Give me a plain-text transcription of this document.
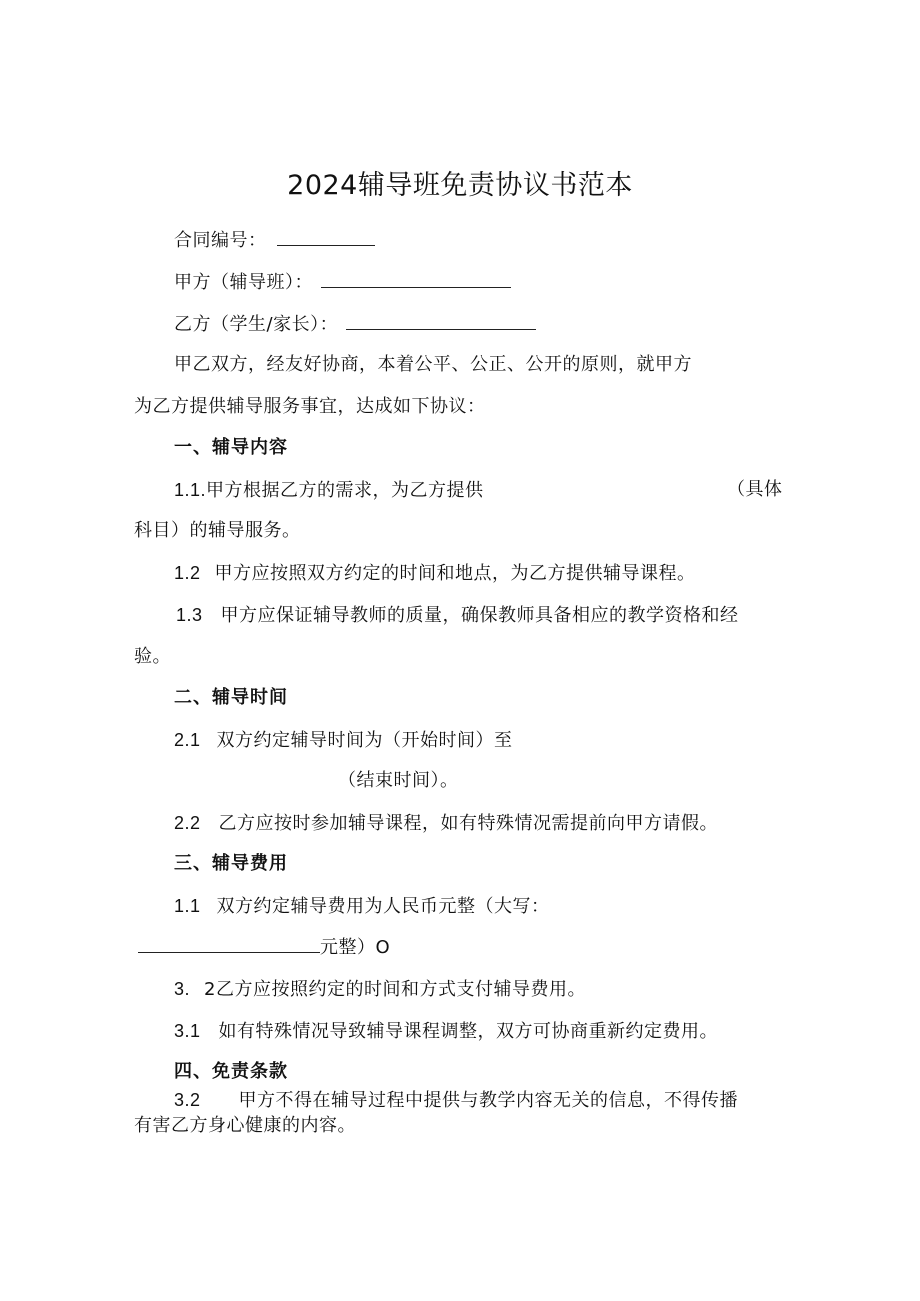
2024辅导班免责协议书范本
合同编号：
甲方（辅导班）：
乙方（学生/家长）：
甲乙双方，经友好协商，本着公平、公正、公开的原则，就甲方
为乙方提供辅导服务事宜，达成如下协议：
一、辅导内容
1.1.甲方根据乙方的需求，为乙方提供	（具体
科目）的辅导服务。
1.2 甲方应按照双方约定的时间和地点，为乙方提供辅导课程。
1.3 甲方应保证辅导教师的质量，确保教师具备相应的教学资格和经
验。
二、辅导时间
2.1 双方约定辅导时间为（开始时间）至
（结束时间）。
2.2 乙方应按时参加辅导课程，如有特殊情况需提前向甲方请假。
三、辅导费用
1.1 双方约定辅导费用为人民币元整（大写：
元整）O
3. 2乙方应按照约定的时间和方式支付辅导费用。
3.1 如有特殊情况导致辅导课程调整，双方可协商重新约定费用。
四、免责条款
3.2 甲方不得在辅导过程中提供与教学内容无关的信息，不得传播
有害乙方身心健康的内容。
